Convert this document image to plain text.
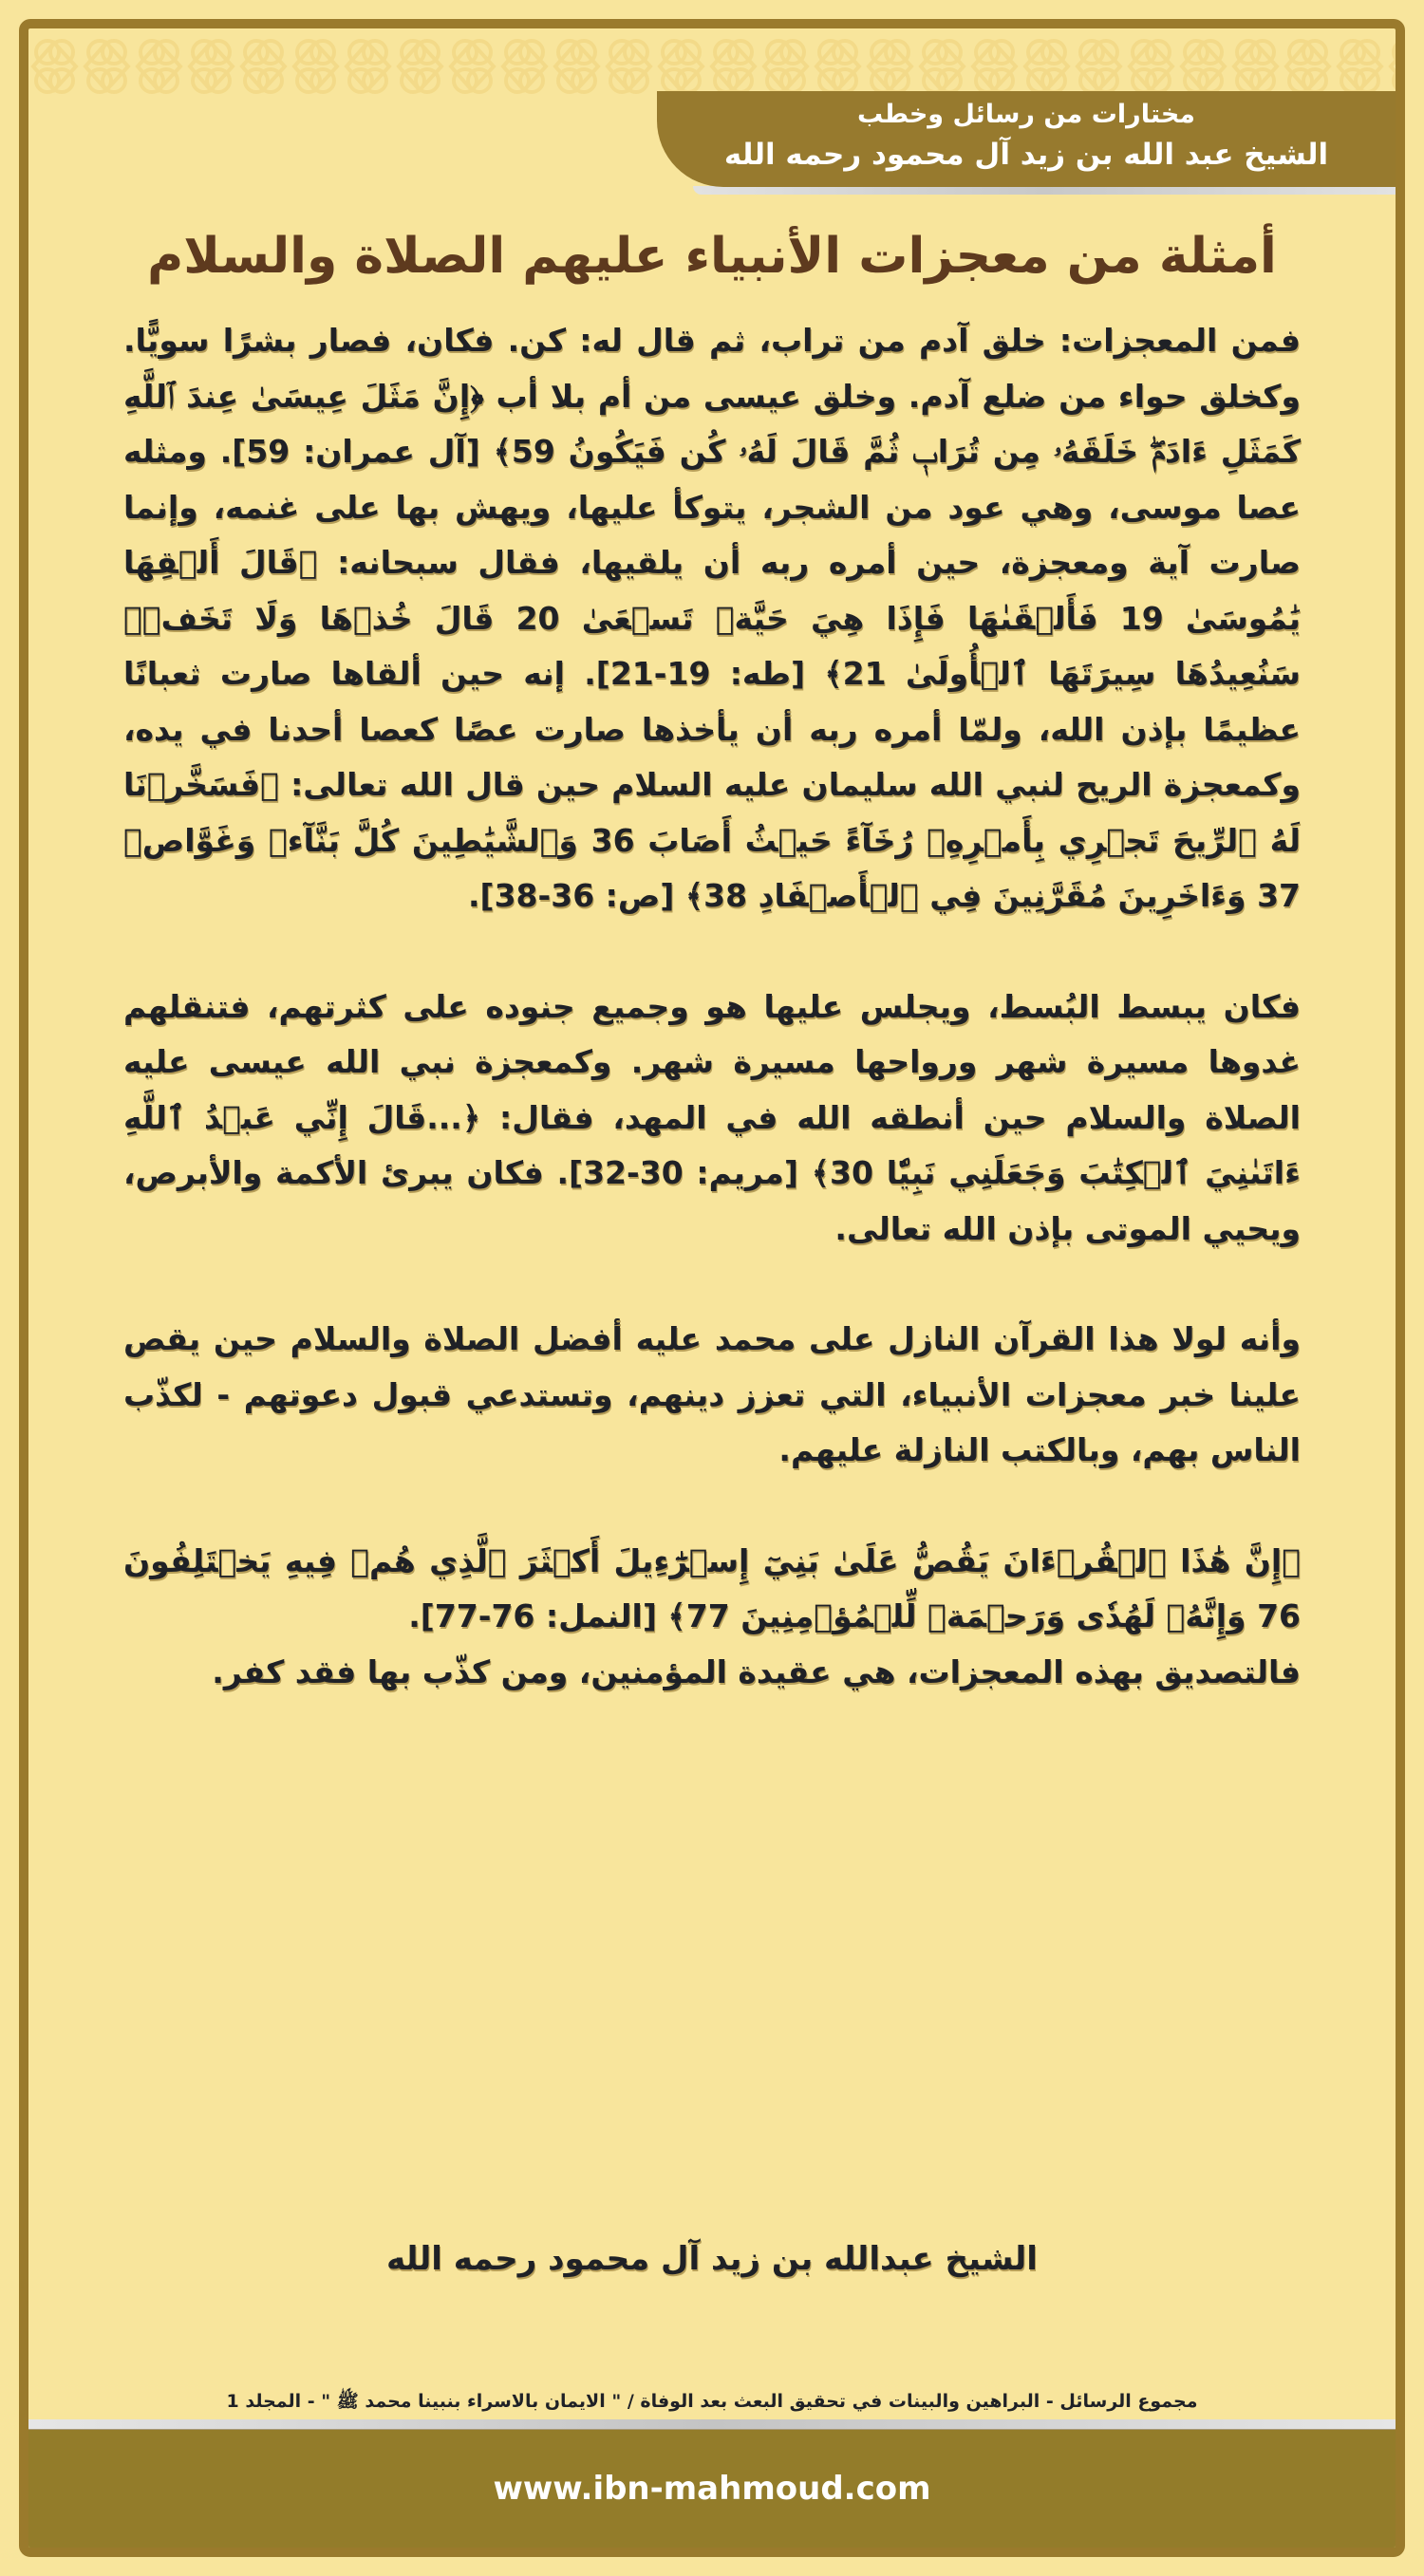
مختارات من رسائل وخطب
الشيخ عبد الله بن زيد آل محمود رحمه الله
أمثلة من معجزات الأنبياء عليهم الصلاة والسلام

فمن المعجزات: خلق آدم من تراب، ثم قال له: كن. فكان، فصار بشرًا سويًّا. وكخلق حواء من ضلع آدم. وخلق عيسى من أم بلا أب ﴿إِنَّ مَثَلَ عِيسَىٰ عِندَ ٱللَّهِ كَمَثَلِ ءَادَمَۖ خَلَقَهُۥ مِن تُرَابٖ ثُمَّ قَالَ لَهُۥ كُن فَيَكُونُ 59﴾ [آل عمران: 59]. ومثله عصا موسى، وهي عود من الشجر، يتوكأ عليها، ويهش بها على غنمه، وإنما صارت آية ومعجزة، حين أمره ربه أن يلقيها، فقال سبحانه: ﴿قَالَ أَلۡقِهَا يَٰمُوسَىٰ 19 فَأَلۡقَىٰهَا فَإِذَا هِيَ حَيَّةٞ تَسۡعَىٰ 20 قَالَ خُذۡهَا وَلَا تَخَفۡۖ سَنُعِيدُهَا سِيرَتَهَا ٱلۡأُولَىٰ 21﴾ [طه: 19-21]. إنه حين ألقاها صارت ثعبانًا عظيمًا بإذن الله، ولمّا أمره ربه أن يأخذها صارت عصًا كعصا أحدنا في يده، وكمعجزة الريح لنبي الله سليمان عليه السلام حين قال الله تعالى: ﴿فَسَخَّرۡنَا لَهُ ٱلرِّيحَ تَجۡرِي بِأَمۡرِهِۦ رُخَآءً حَيۡثُ أَصَابَ 36 وَٱلشَّيَٰطِينَ كُلَّ بَنَّآءٖ وَغَوَّاصٖ 37 وَءَاخَرِينَ مُقَرَّنِينَ فِي ٱلۡأَصۡفَادِ 38﴾ [ص: 36-38].

فكان يبسط البُسط، ويجلس عليها هو وجميع جنوده على كثرتهم، فتنقلهم غدوها مسيرة شهر ورواحها مسيرة شهر. وكمعجزة نبي الله عيسى عليه الصلاة والسلام حين أنطقه الله في المهد، فقال: ﴿...قَالَ إِنِّي عَبۡدُ ٱللَّهِ ءَاتَىٰنِيَ ٱلۡكِتَٰبَ وَجَعَلَنِي نَبِيّٗا 30﴾ [مريم: 30-32]. فكان يبرئ الأكمة والأبرص، ويحيي الموتى بإذن الله تعالى.

وأنه لولا هذا القرآن النازل على محمد عليه أفضل الصلاة والسلام حين يقص علينا خبر معجزات الأنبياء، التي تعزز دينهم، وتستدعي قبول دعوتهم - لكذّب الناس بهم، وبالكتب النازلة عليهم.

﴿إِنَّ هَٰذَا ٱلۡقُرۡءَانَ يَقُصُّ عَلَىٰ بَنِيٓ إِسۡرَٰٓءِيلَ أَكۡثَرَ ٱلَّذِي هُمۡ فِيهِ يَخۡتَلِفُونَ 76 وَإِنَّهُۥ لَهُدٗى وَرَحۡمَةٞ لِّلۡمُؤۡمِنِينَ 77﴾ [النمل: 76-77].

فالتصديق بهذه المعجزات، هي عقيدة المؤمنين، ومن كذّب بها فقد كفر.

الشيخ عبدالله بن زيد آل محمود رحمه الله
مجموع الرسائل - البراهين والبينات في تحقيق البعث بعد الوفاة / " الايمان بالاسراء بنبينا محمد ﷺ " - المجلد 1
www.ibn-mahmoud.com
